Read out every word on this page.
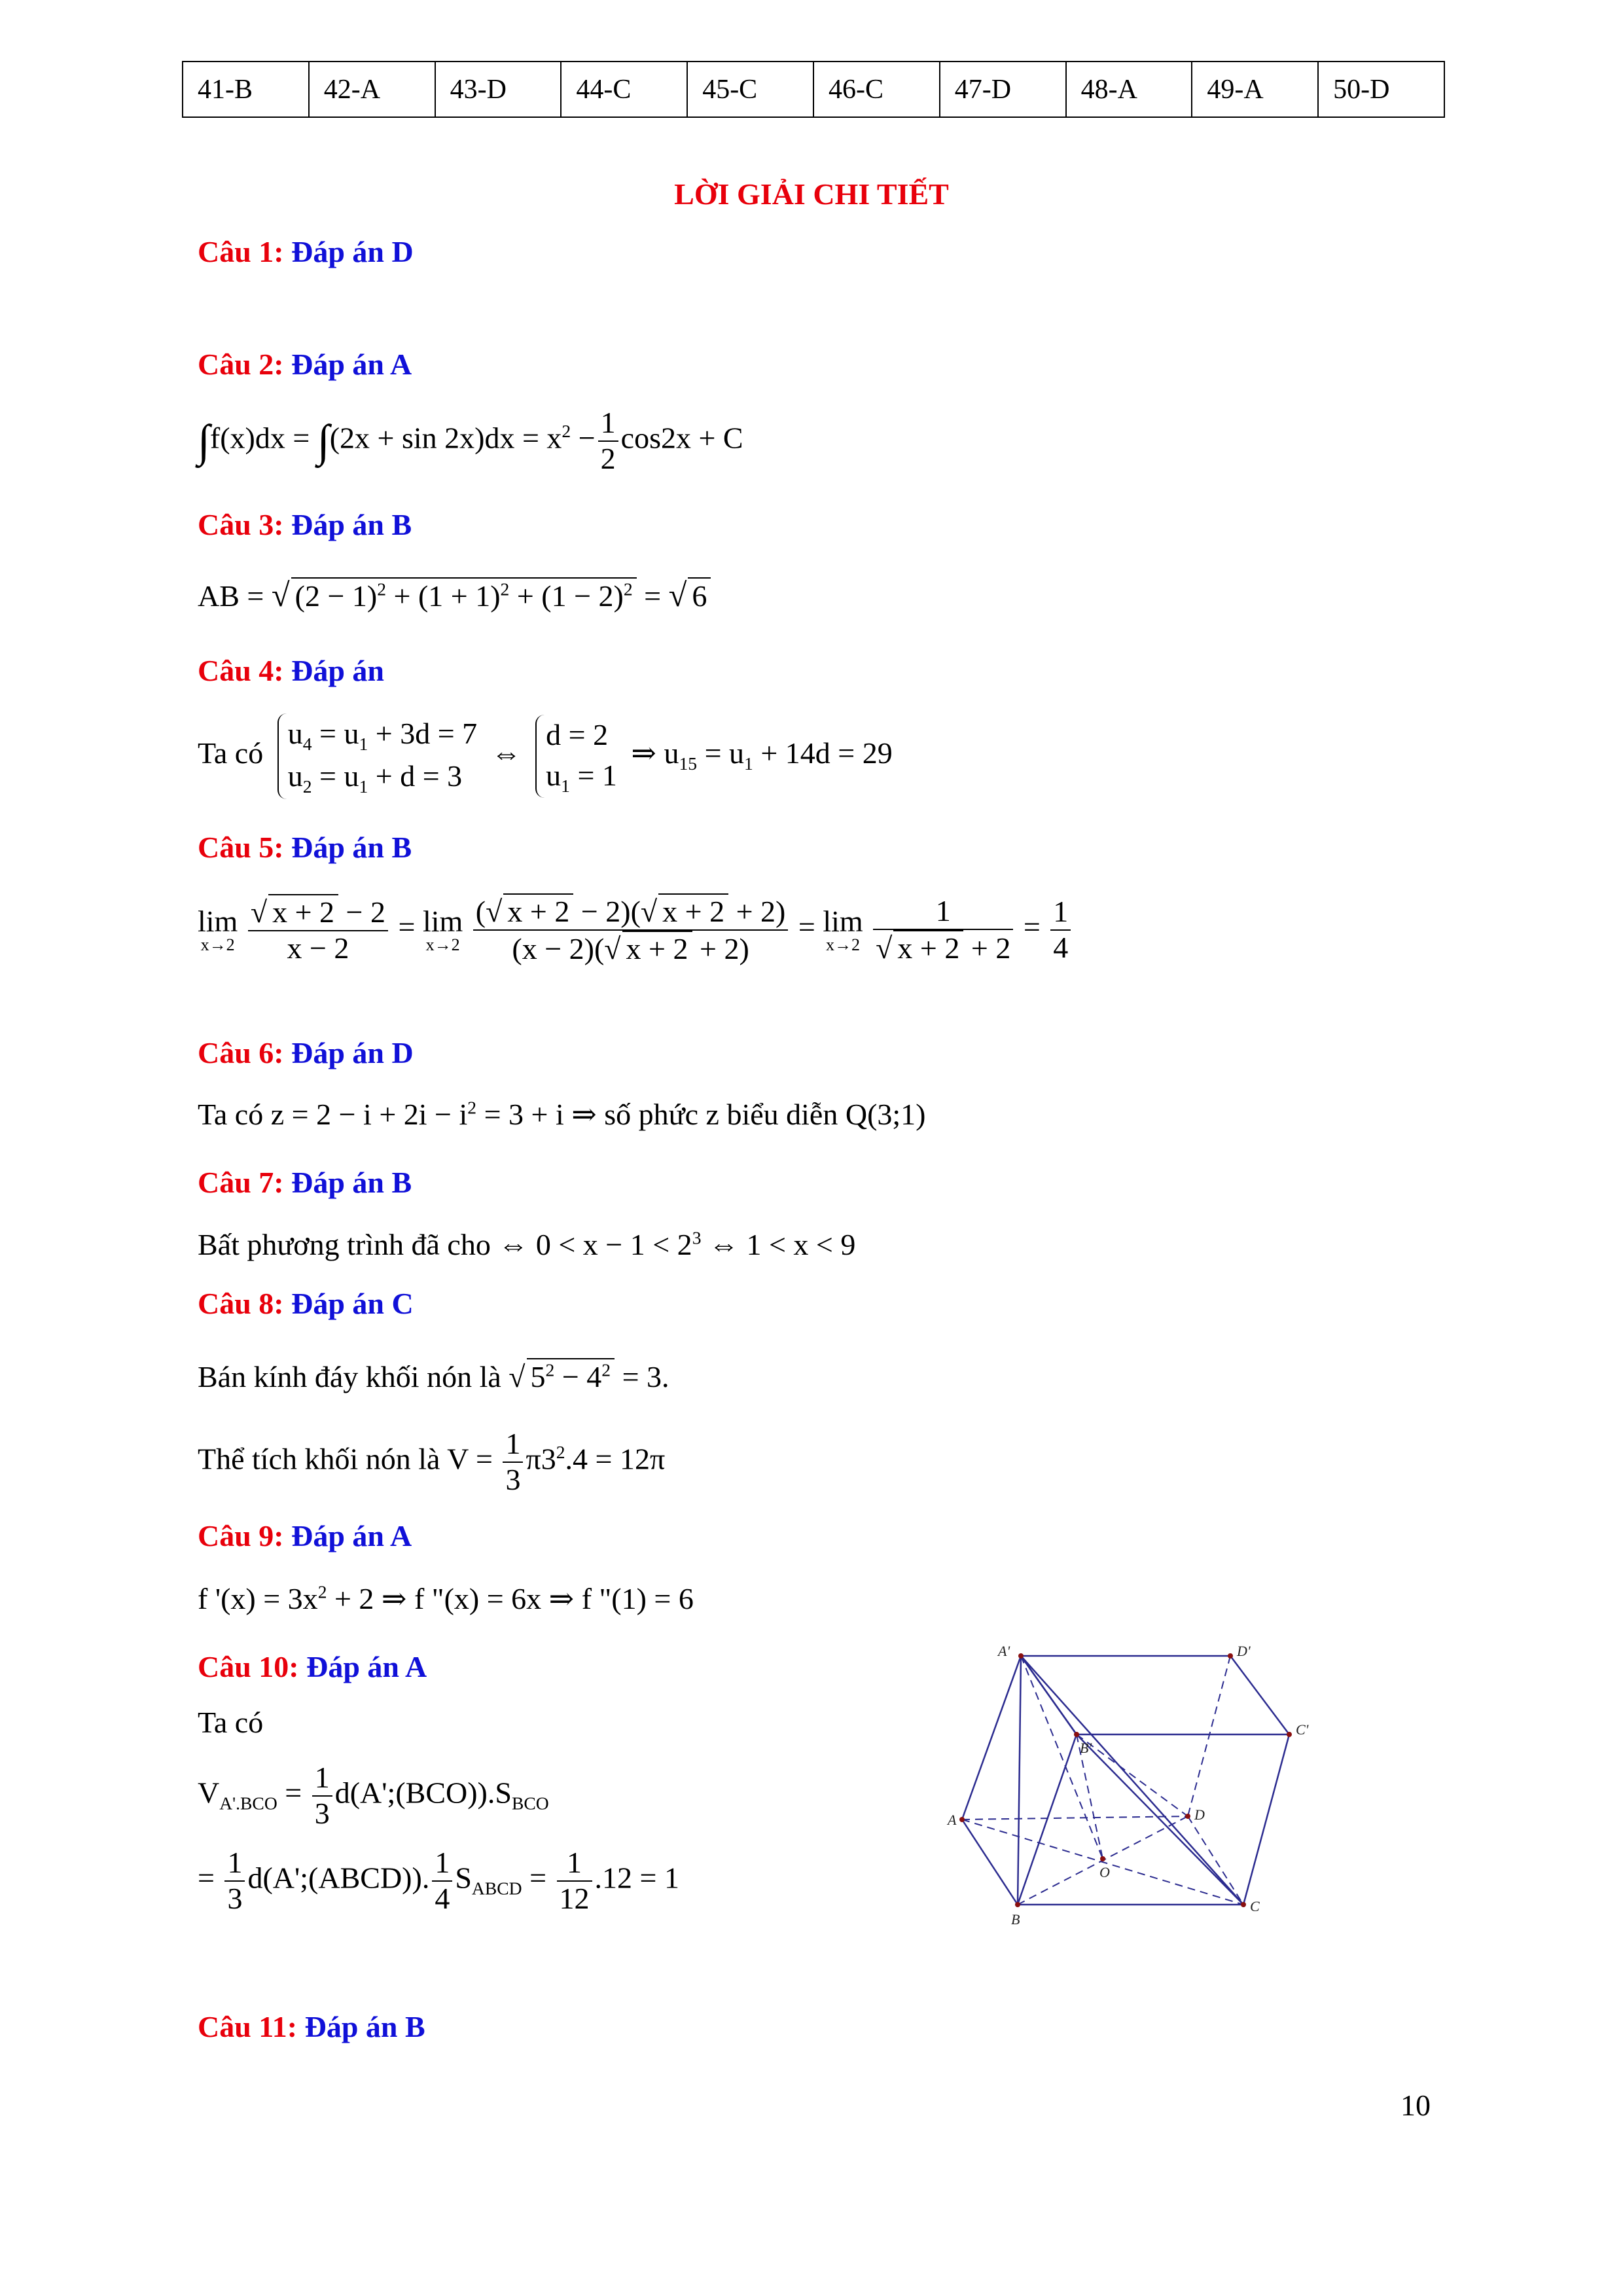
41-B	42-A	43-D	44-C	45-C	46-C	47-D	48-A	49-A	50-D
LỜI GIẢI CHI TIẾT
Câu 1: Đáp án D
Câu 2: Đáp án A
$\int f(x)dx = \int(2x + \sin 2x)dx = x^2 - \frac{1}{2} \cos 2x + C$
Câu 3: Đáp án B
AB = √ $(2 - 1)^2 + (1 + 1)^2 + (1 - 2)^2$ = √ 6
Câu 4: Đáp án
Ta có
$u_4 = u_1 + 3d = 7$
$u_2 = u_1 + d = 3$
⇔
d = 2
$u_1 = 1$
⇒ $u_{15} = u_1 + 14d = 29$
Câu 5: Đáp án B
lim
x→2
$\frac{√ x + 2 - 2}{x - 2} = \lim$
x→2
$\frac{(√ x + 2 - 2)(√ x + 2 + 2)}{(x - 2)(√ x + 2 + 2)} = \lim$
x→2
$\frac{1}{√ x + 2 + 2} = \frac{1}{4}$
Câu 6: Đáp án D
Ta có $z = 2 - i + 2i - i^2 = 3 + i$ ⇒ số phức z biểu diễn Q(3;1)
Câu 7: Đáp án B
Bất phương trình đã cho ⇔ $0 < x - 1 < 2^3$ ⇔ 1 < x < 9
Câu 8: Đáp án C
Bán kính đáy khối nón là √ $5^2 - 4^2 = 3$.
Thể tích khối nón là $V = \frac{1}{3} \pi 3^2.4 = 12\pi$
Câu 9: Đáp án A
f '$(x) = 3x^2 + 2$ ⇒ f "(x) = 6x ⇒ f "(1) = 6
Câu 10: Đáp án A
Ta có
$V_{A'.BCO} = \frac{1}{3}$ $d(A';(BCO)).S_{BCO}$
= $\frac{1}{3}$ d(A';(ABCD)). $\frac{1}{4} S_{ABCD} = \frac{1}{12} .12 = 1$
A'	D'
C'
B'
A	D
O
C
B
Câu 11: Đáp án B
10
